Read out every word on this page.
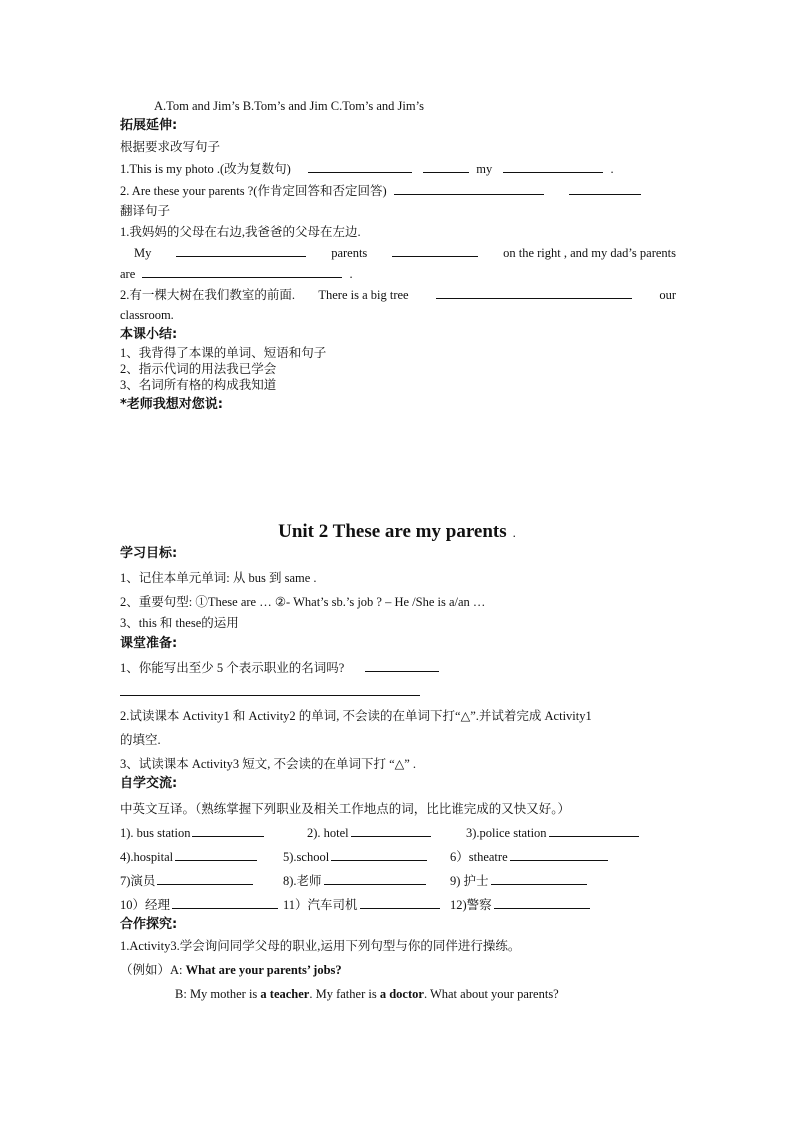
A.Tom and Jim’s B.Tom’s and Jim C.Tom’s and Jim’s
拓展延伸:
根据要求改写句子
1.This is my photo .(改为复数句)	my	.
2. Are these your parents ?(作肯定回答和否定回答)
翻译句子
1.我妈妈的父母在右边,我爸爸的父母在左边.
My	parents	on the right , and my dad’s parents
are	.
2.有一棵大树在我们教室的前面. There is a big tree	our
classroom.
本课小结:
1、我背得了本课的单词、短语和句子
2、指示代词的用法我已学会
3、名词所有格的构成我知道
*老师我想对您说:
Unit 2 These are my parents .
学习目标:
1、记住本单元单词: 从 bus 到 same .
2、重要句型: ①These are … ②- What’s sb.’s job ? – He /She is a/an …
3、this 和 these的运用
课堂准备:
1、你能写出至少 5 个表示职业的名词吗?
2.试读课本 Activity1 和 Activity2 的单词, 不会读的在单词下打“△”.并试着完成 Activity1
的填空.
3、试读课本 Activity3 短文, 不会读的在单词下打 “△” .
自学交流:
中英文互译。（熟练掌握下列职业及相关工作地点的词，比比谁完成的又快又好。）
1). bus station	2). hotel	3).police station
4).hospital	5).school	6）stheatre
7)演员	8).老师	9) 护士
10）经理	11）汽车司机	12)警察
合作探究:
1.Activity3.学会询问同学父母的职业,运用下列句型与你的同伴进行操练。
（例如）A: What are your parents’ jobs?
B: My mother is a teacher. My father is a doctor. What about your parents?
